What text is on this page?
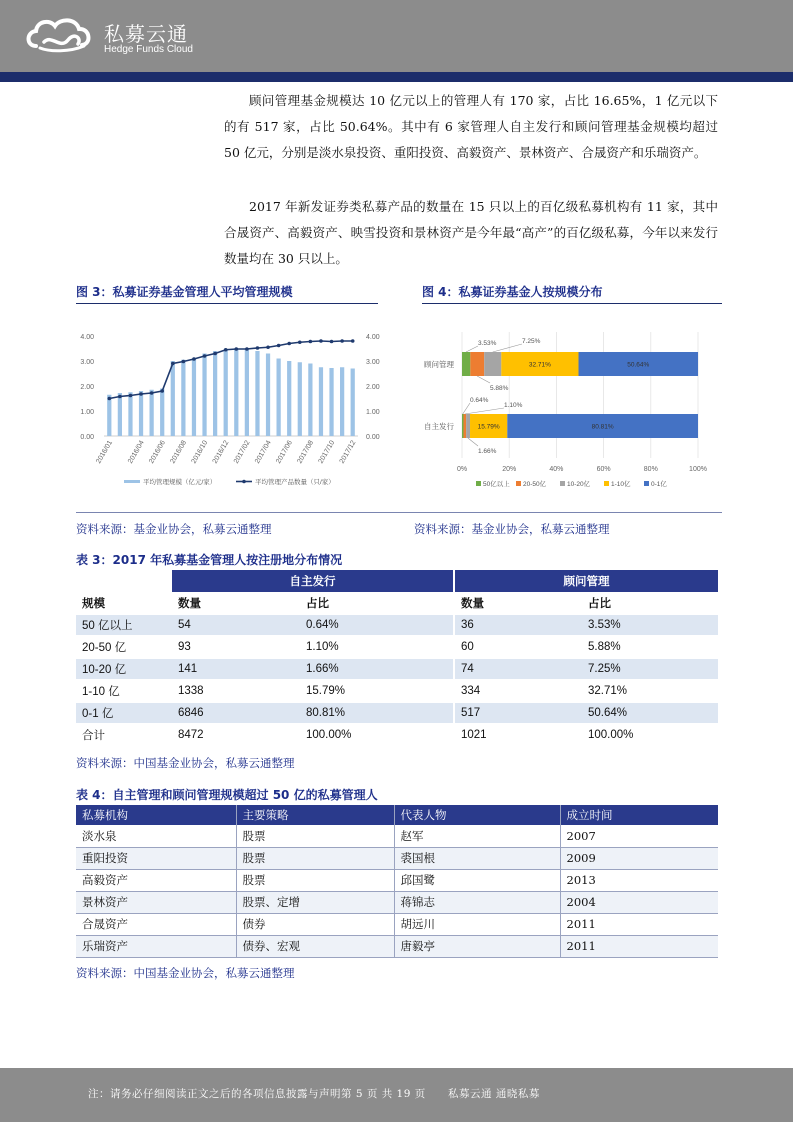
私募云通
Hedge Funds Cloud
顾问管理基金规模达 10 亿元以上的管理人有 170 家，占比 16.65%，1 亿元以下的有 517 家，占比 50.64%。其中有 6 家管理人自主发行和顾问管理基金规模均超过 50 亿元，分别是淡水泉投资、重阳投资、高毅资产、景林资产、合晟资产和乐瑞资产。
2017 年新发证券类私募产品的数量在 15 只以上的百亿级私募机构有 11 家，其中合晟资产、高毅资产、映雪投资和景林资产是今年最“高产”的百亿级私募，今年以来发行数量均在 30 只以上。
图 3：私募证券基金管理人平均管理规模	图 4：私募证券基金人按规模分布
0.00
1.00
2.00
3.00
4.00
0.00
1.00
2.00
3.00
4.00
2016/01 2016/04 2016/06 2016/08 2016/10 2016/12 2017/02 2017/04 2017/06 2017/08 2017/10 2017/12
平均管理规模（亿元/家）	平均管理产品数量（只/家）
0%	20%	40%	60%	80%	100%
顾问管理	32.71%	50.64%
自主发行	15.79%	80.81%
3.53%
5.88%
7.25%
0.64%
1.10%
1.66%
50亿以上 20-50亿	10-20亿	1-10亿	0-1亿
资料来源：基金业协会，私募云通整理	资料来源：基金业协会，私募云通整理
表 3：2017 年私募基金管理人按注册地分布情况
	自主发行		顾问管理	
规模	数量	占比	数量	占比
50 亿以上	54	0.64%	36	3.53%
20-50 亿	93	1.10%	60	5.88%
10-20 亿	141	1.66%	74	7.25%
1-10 亿	1338	15.79%	334	32.71%
0-1 亿	6846	80.81%	517	50.64%
合计	8472	100.00%	1021	100.00%
资料来源：中国基金业协会，私募云通整理
表 4：自主管理和顾问管理规模超过 50 亿的私募管理人
私募机构	主要策略	代表人物	成立时间
淡水泉	股票	赵军	2007
重阳投资	股票	裘国根	2009
高毅资产	股票	邱国鹭	2013
景林资产	股票、定增	蒋锦志	2004
合晟资产	债券	胡远川	2011
乐瑞资产	债券、宏观	唐毅亭	2011
资料来源：中国基金业协会，私募云通整理
注：请务必仔细阅读正文之后的各项信息披露与声明第 5 页 共 19 页 私募云通 通晓私募
